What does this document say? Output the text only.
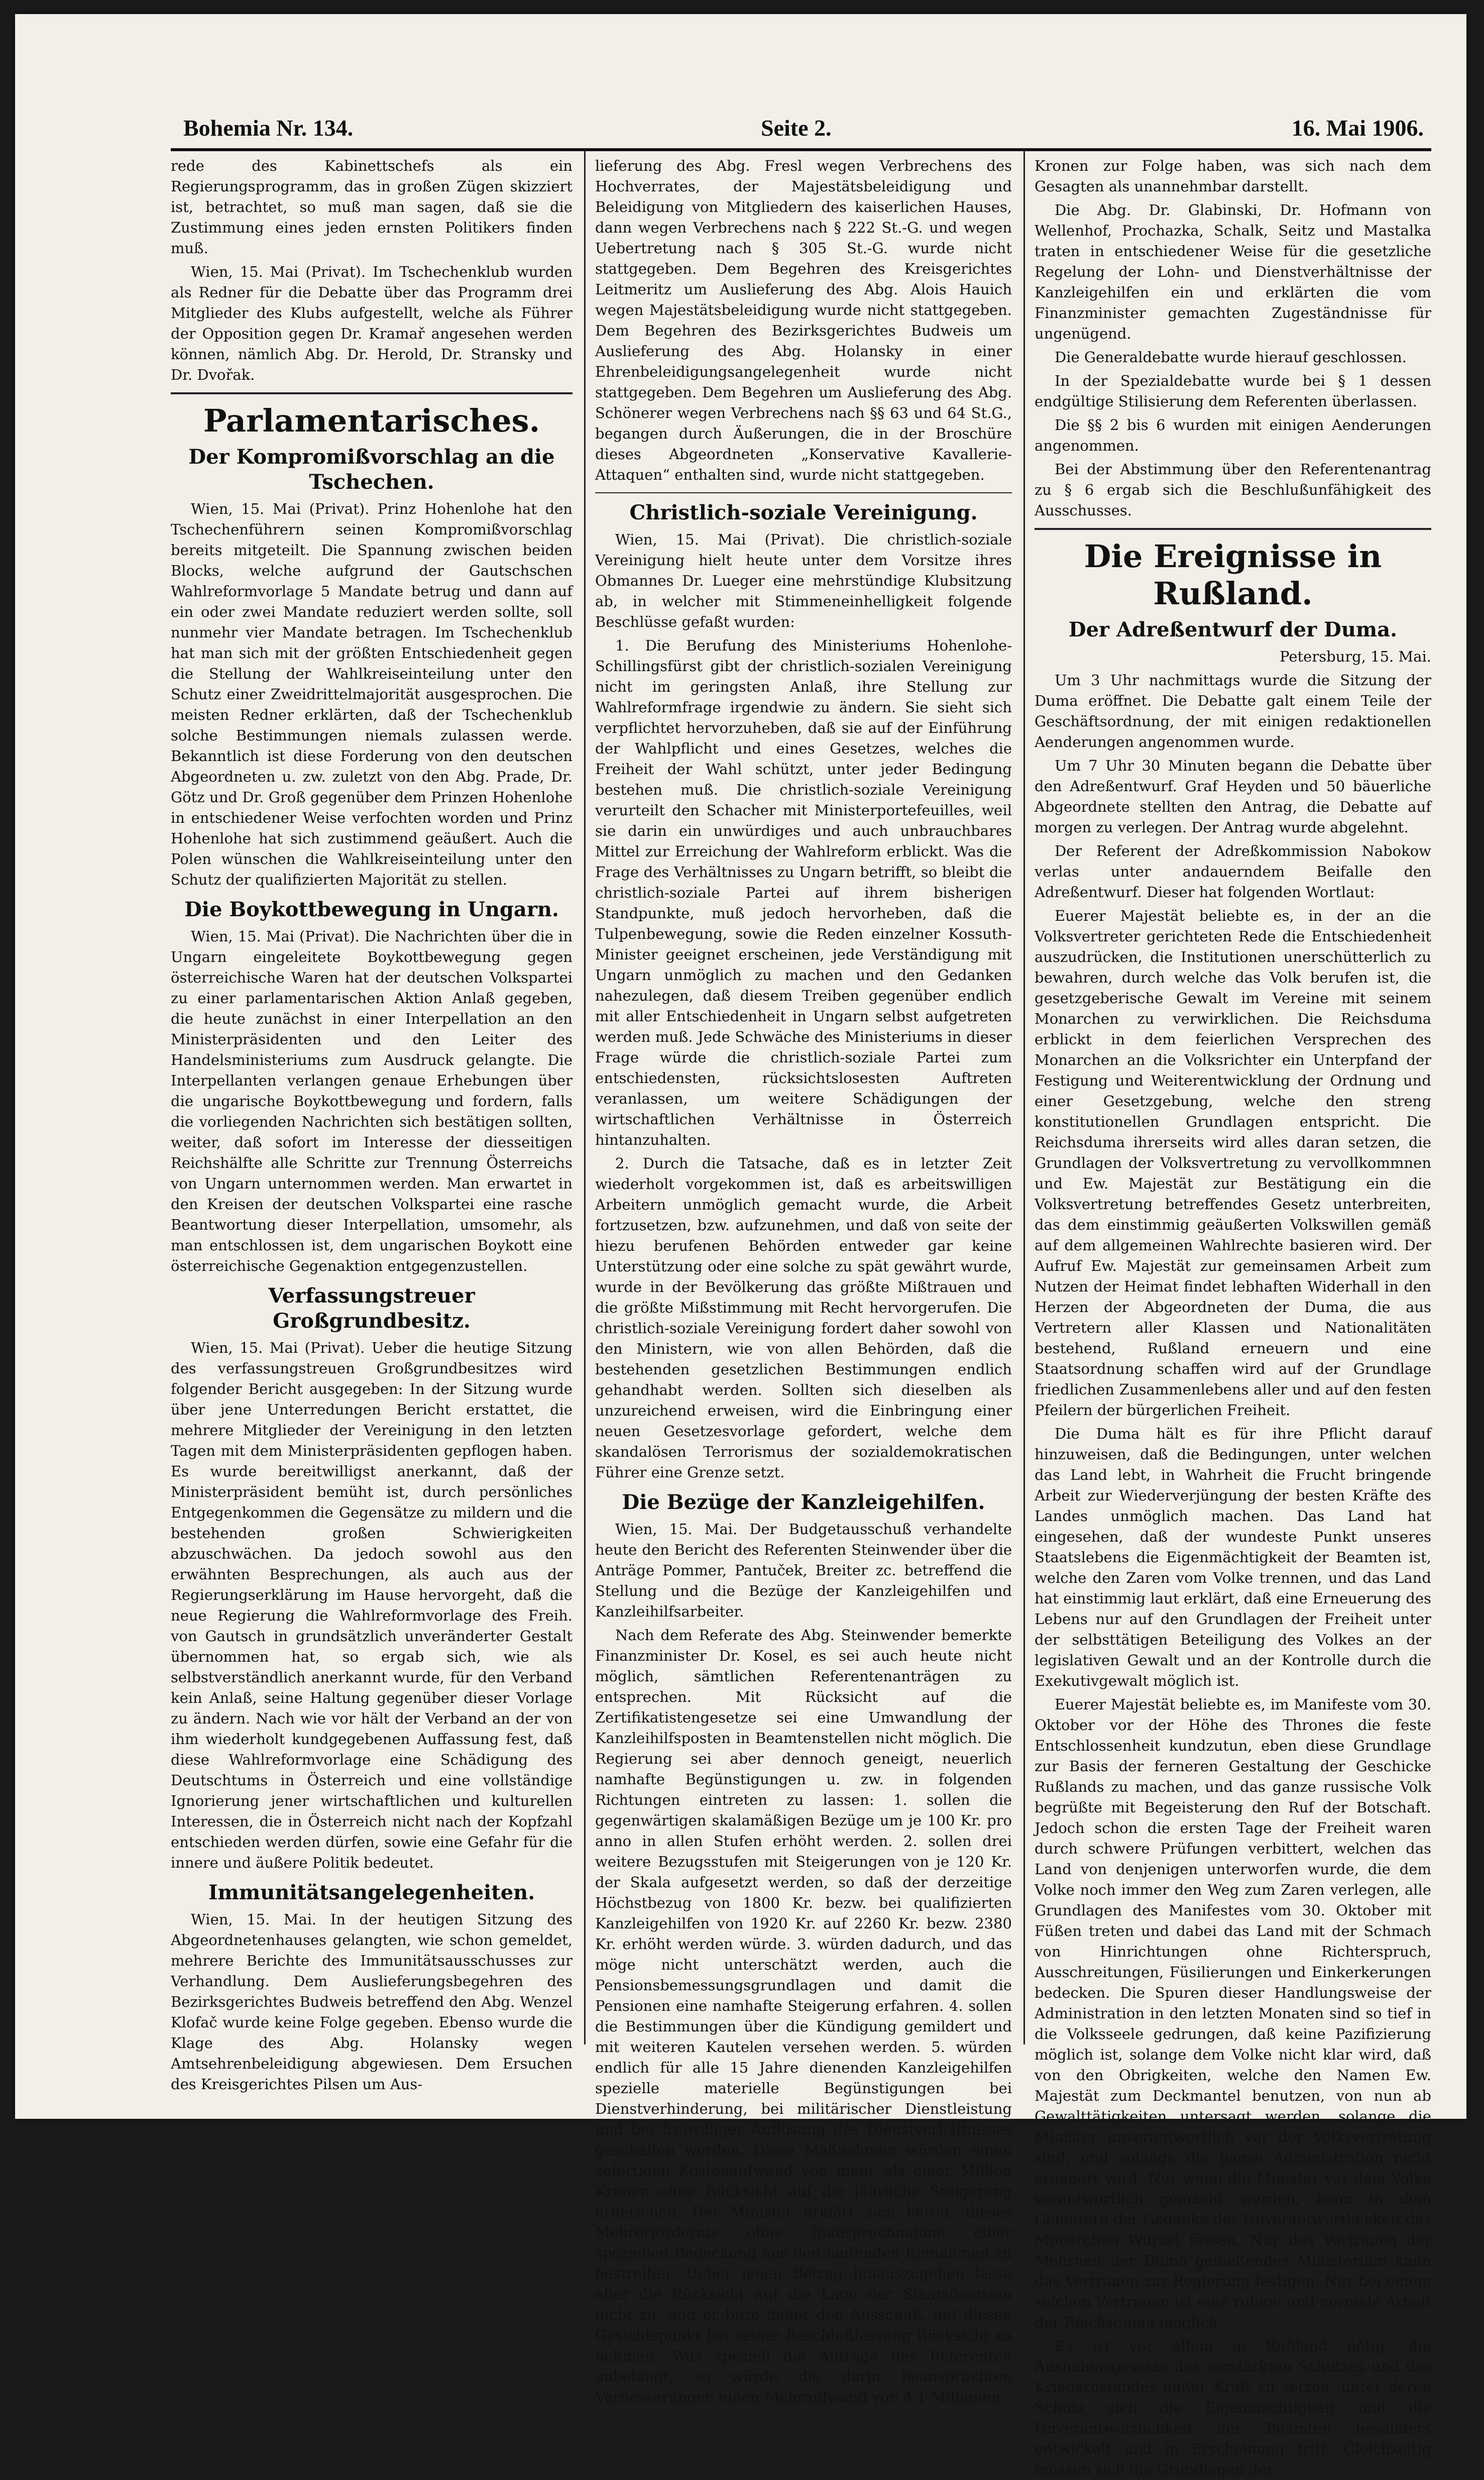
Bohemia Nr. 134.	Seite 2.	16. Mai 1906.

rede des Kabinettschefs als ein Regierungsprogramm, das in großen Zügen skizziert ist, betrachtet, so muß man sagen, daß sie die Zustimmung eines jeden ernsten Politikers finden muß.

Wien, 15. Mai (Privat). Im Tschechenklub wurden als Redner für die Debatte über das Programm drei Mitglieder des Klubs aufgestellt, welche als Führer der Opposition gegen Dr. Kramař angesehen werden können, nämlich Abg. Dr. Herold, Dr. Stransky und Dr. Dvořak.

Parlamentarisches.
Der Kompromißvorschlag an die Tschechen.

Wien, 15. Mai (Privat). Prinz Hohenlohe hat den Tschechenführern seinen Kompromißvorschlag bereits mitgeteilt. Die Spannung zwischen beiden Blocks, welche aufgrund der Gautschschen Wahlreformvorlage 5 Mandate betrug und dann auf ein oder zwei Mandate reduziert werden sollte, soll nunmehr vier Mandate betragen. Im Tschechenklub hat man sich mit der größten Entschiedenheit gegen die Stellung der Wahlkreiseinteilung unter den Schutz einer Zweidrittelmajorität ausgesprochen. Die meisten Redner erklärten, daß der Tschechenklub solche Bestimmungen niemals zulassen werde. Bekanntlich ist diese Forderung von den deutschen Abgeordneten u. zw. zuletzt von den Abg. Prade, Dr. Götz und Dr. Groß gegenüber dem Prinzen Hohenlohe in entschiedener Weise verfochten worden und Prinz Hohenlohe hat sich zustimmend geäußert. Auch die Polen wünschen die Wahlkreiseinteilung unter den Schutz der qualifizierten Majorität zu stellen.

Die Boykottbewegung in Ungarn.

Wien, 15. Mai (Privat). Die Nachrichten über die in Ungarn eingeleitete Boykottbewegung gegen österreichische Waren hat der deutschen Volkspartei zu einer parlamentarischen Aktion Anlaß gegeben, die heute zunächst in einer Interpellation an den Ministerpräsidenten und den Leiter des Handelsministeriums zum Ausdruck gelangte. Die Interpellanten verlangen genaue Erhebungen über die ungarische Boykottbewegung und fordern, falls die vorliegenden Nachrichten sich bestätigen sollten, weiter, daß sofort im Interesse der diesseitigen Reichshälfte alle Schritte zur Trennung Österreichs von Ungarn unternommen werden. Man erwartet in den Kreisen der deutschen Volkspartei eine rasche Beantwortung dieser Interpellation, umsomehr, als man entschlossen ist, dem ungarischen Boykott eine österreichische Gegenaktion entgegenzustellen.

Verfassungstreuer Großgrundbesitz.

Wien, 15. Mai (Privat). Ueber die heutige Sitzung des verfassungstreuen Großgrundbesitzes wird folgender Bericht ausgegeben: In der Sitzung wurde über jene Unterredungen Bericht erstattet, die mehrere Mitglieder der Vereinigung in den letzten Tagen mit dem Ministerpräsidenten gepflogen haben. Es wurde bereitwilligst anerkannt, daß der Ministerpräsident bemüht ist, durch persönliches Entgegenkommen die Gegensätze zu mildern und die bestehenden großen Schwierigkeiten abzuschwächen. Da jedoch sowohl aus den erwähnten Besprechungen, als auch aus der Regierungserklärung im Hause hervorgeht, daß die neue Regierung die Wahlreformvorlage des Freih. von Gautsch in grundsätzlich unveränderter Gestalt übernommen hat, so ergab sich, wie als selbstverständlich anerkannt wurde, für den Verband kein Anlaß, seine Haltung gegenüber dieser Vorlage zu ändern. Nach wie vor hält der Verband an der von ihm wiederholt kundgegebenen Auffassung fest, daß diese Wahlreformvorlage eine Schädigung des Deutschtums in Österreich und eine vollständige Ignorierung jener wirtschaftlichen und kulturellen Interessen, die in Österreich nicht nach der Kopfzahl entschieden werden dürfen, sowie eine Gefahr für die innere und äußere Politik bedeutet.

Immunitätsangelegenheiten.

Wien, 15. Mai. In der heutigen Sitzung des Abgeordnetenhauses gelangten, wie schon gemeldet, mehrere Berichte des Immunitätsausschusses zur Verhandlung. Dem Auslieferungsbegehren des Bezirksgerichtes Budweis betreffend den Abg. Wenzel Klofač wurde keine Folge gegeben. Ebenso wurde die Klage des Abg. Holansky wegen Amtsehrenbeleidigung abgewiesen. Dem Ersuchen des Kreisgerichtes Pilsen um Aus-

lieferung des Abg. Fresl wegen Verbrechens des Hochverrates, der Majestätsbeleidigung und Beleidigung von Mitgliedern des kaiserlichen Hauses, dann wegen Verbrechens nach § 222 St.-G. und wegen Uebertretung nach § 305 St.-G. wurde nicht stattgegeben. Dem Begehren des Kreisgerichtes Leitmeritz um Auslieferung des Abg. Alois Hauich wegen Majestätsbeleidigung wurde nicht stattgegeben. Dem Begehren des Bezirksgerichtes Budweis um Auslieferung des Abg. Holansky in einer Ehrenbeleidigungsangelegenheit wurde nicht stattgegeben. Dem Begehren um Auslieferung des Abg. Schönerer wegen Verbrechens nach §§ 63 und 64 St.G., begangen durch Äußerungen, die in der Broschüre dieses Abgeordneten „Konservative Kavallerie-Attaquen“ enthalten sind, wurde nicht stattgegeben.

Christlich-soziale Vereinigung.

Wien, 15. Mai (Privat). Die christlich-soziale Vereinigung hielt heute unter dem Vorsitze ihres Obmannes Dr. Lueger eine mehrstündige Klubsitzung ab, in welcher mit Stimmeneinhelligkeit folgende Beschlüsse gefaßt wurden:

1. Die Berufung des Ministeriums Hohenlohe-Schillingsfürst gibt der christlich-sozialen Vereinigung nicht im geringsten Anlaß, ihre Stellung zur Wahlreformfrage irgendwie zu ändern. Sie sieht sich verpflichtet hervorzuheben, daß sie auf der Einführung der Wahlpflicht und eines Gesetzes, welches die Freiheit der Wahl schützt, unter jeder Bedingung bestehen muß. Die christlich-soziale Vereinigung verurteilt den Schacher mit Ministerportefeuilles, weil sie darin ein unwürdiges und auch unbrauchbares Mittel zur Erreichung der Wahlreform erblickt. Was die Frage des Verhältnisses zu Ungarn betrifft, so bleibt die christlich-soziale Partei auf ihrem bisherigen Standpunkte, muß jedoch hervorheben, daß die Tulpenbewegung, sowie die Reden einzelner Kossuth-Minister geeignet erscheinen, jede Verständigung mit Ungarn unmöglich zu machen und den Gedanken nahezulegen, daß diesem Treiben gegenüber endlich mit aller Entschiedenheit in Ungarn selbst aufgetreten werden muß. Jede Schwäche des Ministeriums in dieser Frage würde die christlich-soziale Partei zum entschiedensten, rücksichtslosesten Auftreten veranlassen, um weitere Schädigungen der wirtschaftlichen Verhältnisse in Österreich hintanzuhalten.

2. Durch die Tatsache, daß es in letzter Zeit wiederholt vorgekommen ist, daß es arbeitswilligen Arbeitern unmöglich gemacht wurde, die Arbeit fortzusetzen, bzw. aufzunehmen, und daß von seite der hiezu berufenen Behörden entweder gar keine Unterstützung oder eine solche zu spät gewährt wurde, wurde in der Bevölkerung das größte Mißtrauen und die größte Mißstimmung mit Recht hervorgerufen. Die christlich-soziale Vereinigung fordert daher sowohl von den Ministern, wie von allen Behörden, daß die bestehenden gesetzlichen Bestimmungen endlich gehandhabt werden. Sollten sich dieselben als unzureichend erweisen, wird die Einbringung einer neuen Gesetzesvorlage gefordert, welche dem skandalösen Terrorismus der sozialdemokratischen Führer eine Grenze setzt.

Die Bezüge der Kanzleigehilfen.

Wien, 15. Mai. Der Budgetausschuß verhandelte heute den Bericht des Referenten Steinwender über die Anträge Pommer, Pantuček, Breiter zc. betreffend die Stellung und die Bezüge der Kanzleigehilfen und Kanzleihilfsarbeiter.

Nach dem Referate des Abg. Steinwender bemerkte Finanzminister Dr. Kosel, es sei auch heute nicht möglich, sämtlichen Referentenanträgen zu entsprechen. Mit Rücksicht auf die Zertifikatistengesetze sei eine Umwandlung der Kanzleihilfsposten in Beamtenstellen nicht möglich. Die Regierung sei aber dennoch geneigt, neuerlich namhafte Begünstigungen u. zw. in folgenden Richtungen eintreten zu lassen: 1. sollen die gegenwärtigen skalamäßigen Bezüge um je 100 Kr. pro anno in allen Stufen erhöht werden. 2. sollen drei weitere Bezugsstufen mit Steigerungen von je 120 Kr. der Skala aufgesetzt werden, so daß der derzeitige Höchstbezug von 1800 Kr. bezw. bei qualifizierten Kanzleigehilfen von 1920 Kr. auf 2260 Kr. bezw. 2380 Kr. erhöht werden würde. 3. würden dadurch, und das möge nicht unterschätzt werden, auch die Pensionsbemessungsgrundlagen und damit die Pensionen eine namhafte Steigerung erfahren. 4. sollen die Bestimmungen über die Kündigung gemildert und mit weiteren Kautelen versehen werden. 5. würden endlich für alle 15 Jahre dienenden Kanzleigehilfen spezielle materielle Begünstigungen bei Dienstverhinderung, bei militärischer Dienstleistung und bei freiwilliger Auflösung des Dienstverhältnisses geschaffen werden. Diese Maßnahmen würden einen sofortigen Kostenaufwand von mehr als einer Million Kronen ohne Rücksicht auf die jährliche Steigerung erheischen. Der Minister erklärt sich bereit, dieses Mehrerfordernis ohne Inanspruchnahme einer speziellen Bedeckung aus den laufenden Einnahmen zu bestreiten. Ueber jenen Betrag hinauszugehen lasse aber die Rücksicht auf die Lage der Staatsfinanzen nicht zu, und er bitte daher den Ausschuß, auf diesen Gesichtspunkt bei seiner Beschlußfassung Rücksicht zu nehmen. Was speziell die Anträge des Referenten anbelangt, so würde die darin beanspruchten Verbesserungen einen Mehraufwand von 4·1 Millionen

Kronen zur Folge haben, was sich nach dem Gesagten als unannehmbar darstellt.

Die Abg. Dr. Glabinski, Dr. Hofmann von Wellenhof, Prochazka, Schalk, Seitz und Mastalka traten in entschiedener Weise für die gesetzliche Regelung der Lohn- und Dienstverhältnisse der Kanzleigehilfen ein und erklärten die vom Finanzminister gemachten Zugeständnisse für ungenügend.

Die Generaldebatte wurde hierauf geschlossen.

In der Spezialdebatte wurde bei § 1 dessen endgültige Stilisierung dem Referenten überlassen.

Die §§ 2 bis 6 wurden mit einigen Aenderungen angenommen.

Bei der Abstimmung über den Referentenantrag zu § 6 ergab sich die Beschlußunfähigkeit des Ausschusses.

Die Ereignisse in Rußland.
Der Adreßentwurf der Duma.

Petersburg, 15. Mai.

Um 3 Uhr nachmittags wurde die Sitzung der Duma eröffnet. Die Debatte galt einem Teile der Geschäftsordnung, der mit einigen redaktionellen Aenderungen angenommen wurde.

Um 7 Uhr 30 Minuten begann die Debatte über den Adreßentwurf. Graf Heyden und 50 bäuerliche Abgeordnete stellten den Antrag, die Debatte auf morgen zu verlegen. Der Antrag wurde abgelehnt.

Der Referent der Adreßkommission Nabokow verlas unter andauerndem Beifalle den Adreßentwurf. Dieser hat folgenden Wortlaut:

Euerer Majestät beliebte es, in der an die Volksvertreter gerichteten Rede die Entschiedenheit auszudrücken, die Institutionen unerschütterlich zu bewahren, durch welche das Volk berufen ist, die gesetzgeberische Gewalt im Vereine mit seinem Monarchen zu verwirklichen. Die Reichsduma erblickt in dem feierlichen Versprechen des Monarchen an die Volksrichter ein Unterpfand der Festigung und Weiterentwicklung der Ordnung und einer Gesetzgebung, welche den streng konstitutionellen Grundlagen entspricht. Die Reichsduma ihrerseits wird alles daran setzen, die Grundlagen der Volksvertretung zu vervollkommnen und Ew. Majestät zur Bestätigung ein die Volksvertretung betreffendes Gesetz unterbreiten, das dem einstimmig geäußerten Volkswillen gemäß auf dem allgemeinen Wahlrechte basieren wird. Der Aufruf Ew. Majestät zur gemeinsamen Arbeit zum Nutzen der Heimat findet lebhaften Widerhall in den Herzen der Abgeordneten der Duma, die aus Vertretern aller Klassen und Nationalitäten bestehend, Rußland erneuern und eine Staatsordnung schaffen wird auf der Grundlage friedlichen Zusammenlebens aller und auf den festen Pfeilern der bürgerlichen Freiheit.

Die Duma hält es für ihre Pflicht darauf hinzuweisen, daß die Bedingungen, unter welchen das Land lebt, in Wahrheit die Frucht bringende Arbeit zur Wiederverjüngung der besten Kräfte des Landes unmöglich machen. Das Land hat eingesehen, daß der wundeste Punkt unseres Staatslebens die Eigenmächtigkeit der Beamten ist, welche den Zaren vom Volke trennen, und das Land hat einstimmig laut erklärt, daß eine Erneuerung des Lebens nur auf den Grundlagen der Freiheit unter der selbsttätigen Beteiligung des Volkes an der legislativen Gewalt und an der Kontrolle durch die Exekutivgewalt möglich ist.

Euerer Majestät beliebte es, im Manifeste vom 30. Oktober vor der Höhe des Thrones die feste Entschlossenheit kundzutun, eben diese Grundlage zur Basis der ferneren Gestaltung der Geschicke Rußlands zu machen, und das ganze russische Volk begrüßte mit Begeisterung den Ruf der Botschaft. Jedoch schon die ersten Tage der Freiheit waren durch schwere Prüfungen verbittert, welchen das Land von denjenigen unterworfen wurde, die dem Volke noch immer den Weg zum Zaren verlegen, alle Grundlagen des Manifestes vom 30. Oktober mit Füßen treten und dabei das Land mit der Schmach von Hinrichtungen ohne Richterspruch, Ausschreitungen, Füsilierungen und Einkerkerungen bedecken. Die Spuren dieser Handlungsweise der Administration in den letzten Monaten sind so tief in die Volksseele gedrungen, daß keine Pazifizierung möglich ist, solange dem Volke nicht klar wird, daß von den Obrigkeiten, welche den Namen Ew. Majestät zum Deckmantel benutzen, von nun ab Gewalttätigkeiten untersagt werden, solange die Minister unverantwortlich vor der Volksvertretung sind, und solange die ganze Administration nicht erneuert wird. Nur wenn die Minister vor dem Volke verantwortlich gemacht werden, kann in dem Gemütern der Gedanke der Unverantwortlichkeit des Monarchen Wurzel fassen. Nur das Vertrauen der Mehrheit der Duma genießendes Ministerium kann das Vertrauen zur Regierung festigen. Nur bei einem solchen Vertrauen ist eine ruhige und normale Arbeit der Reichsduma möglich.

Es ist vor allem in Rußland nötig, die Ausnahmegesetze des verstärkten Schutzes und des Kriegszustandes außer Kraft zu setzen, unter deren Schutz sich die Eigenmächtigkeit und die Unverantwortlichkeit der Beamten besonders entwickelt und in Erscheinung tritt. Gleichzeitig müssen sich die Grundlagen der
